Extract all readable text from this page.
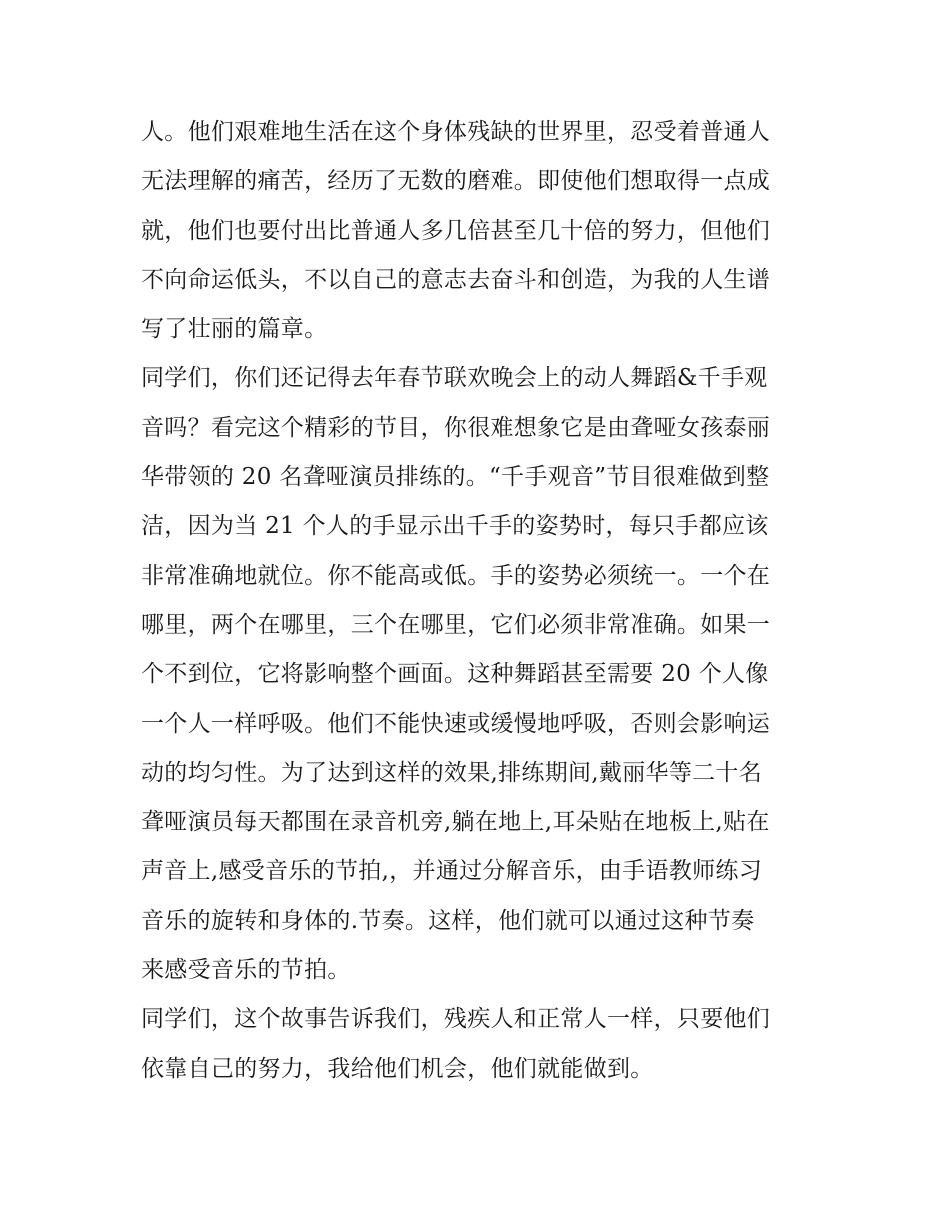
人。他们艰难地生活在这个身体残缺的世界里，忍受着普通人
无法理解的痛苦，经历了无数的磨难。即使他们想取得一点成
就，他们也要付出比普通人多几倍甚至几十倍的努力，但他们
不向命运低头，不以自己的意志去奋斗和创造，为我的人生谱
写了壮丽的篇章。
同学们，你们还记得去年春节联欢晚会上的动人舞蹈&千手观
音吗？看完这个精彩的节目，你很难想象它是由聋哑女孩泰丽
华带领的 20 名聋哑演员排练的。“千手观音”节目很难做到整
洁，因为当 21 个人的手显示出千手的姿势时，每只手都应该
非常准确地就位。你不能高或低。手的姿势必须统一。一个在
哪里，两个在哪里，三个在哪里，它们必须非常准确。如果一
个不到位，它将影响整个画面。这种舞蹈甚至需要 20 个人像
一个人一样呼吸。他们不能快速或缓慢地呼吸，否则会影响运
动的均匀性。为了达到这样的效果,排练期间,戴丽华等二十名
聋哑演员每天都围在录音机旁,躺在地上,耳朵贴在地板上,贴在
声音上,感受音乐的节拍,，并通过分解音乐，由手语教师练习
音乐的旋转和身体的.节奏。这样，他们就可以通过这种节奏
来感受音乐的节拍。
同学们，这个故事告诉我们，残疾人和正常人一样，只要他们
依靠自己的努力，我给他们机会，他们就能做到。
